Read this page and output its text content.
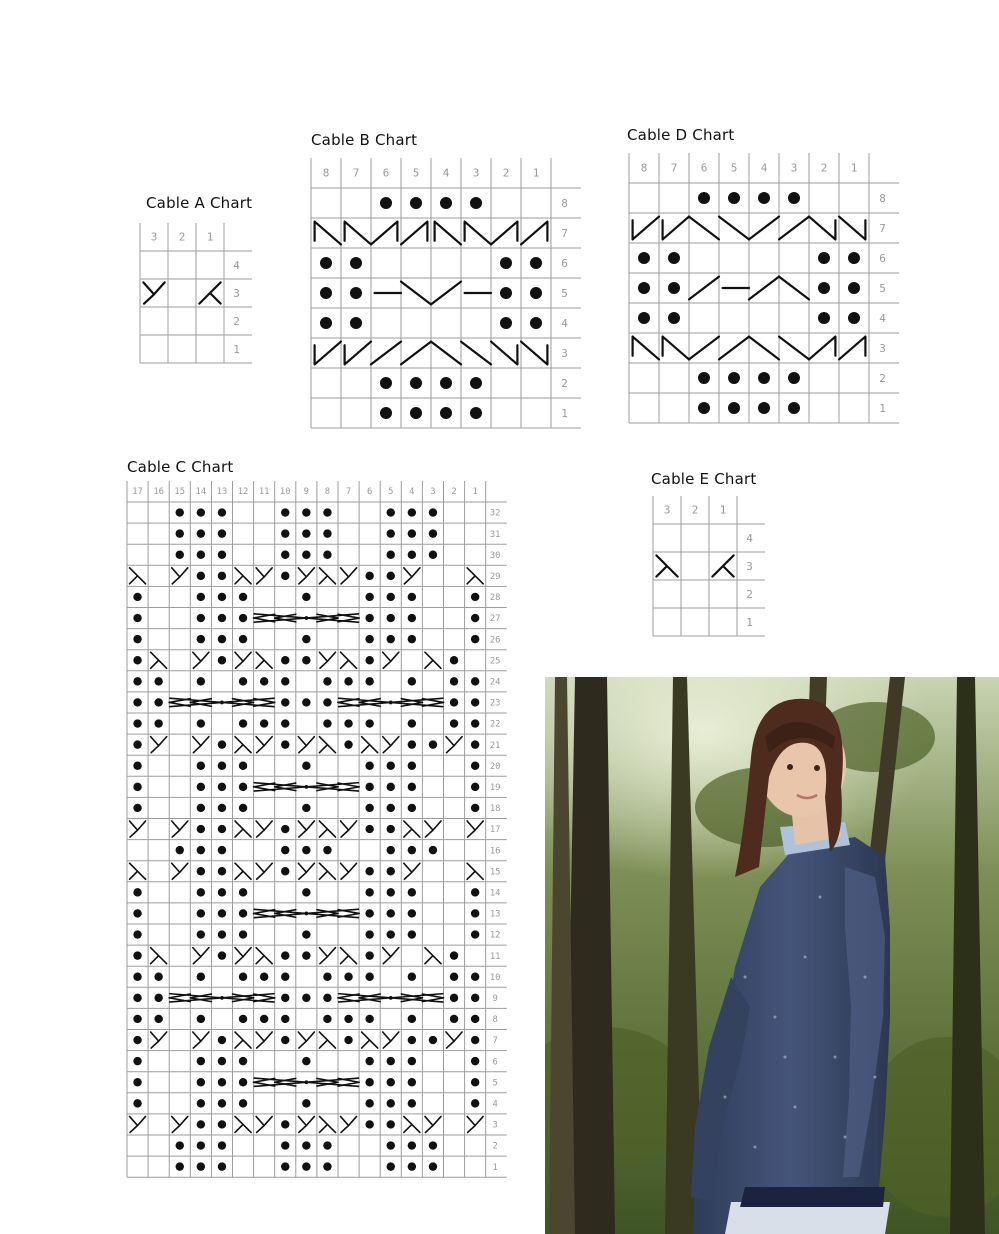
Cable A Chart
3 2 1
4
3
2
1
Cable B Chart
8 7 6 5 4 3 2 1
8
7
6
5
4
3
2
1
Cable D Chart
8 7 6 5 4 3 2 1
8
7
6
5
4
3
2
1
Cable C Chart
17 16 15 14 13 12 11 10 9 8 7 6 5 4 3 2 1
32
31
30
29
28
27
26
25
24
23
22
21
20
19
18
17
16
15
14
13
12
11
10
9
8
7
6
5
4
3
2
1
Cable E Chart
3 2 1
4
3
2
1
